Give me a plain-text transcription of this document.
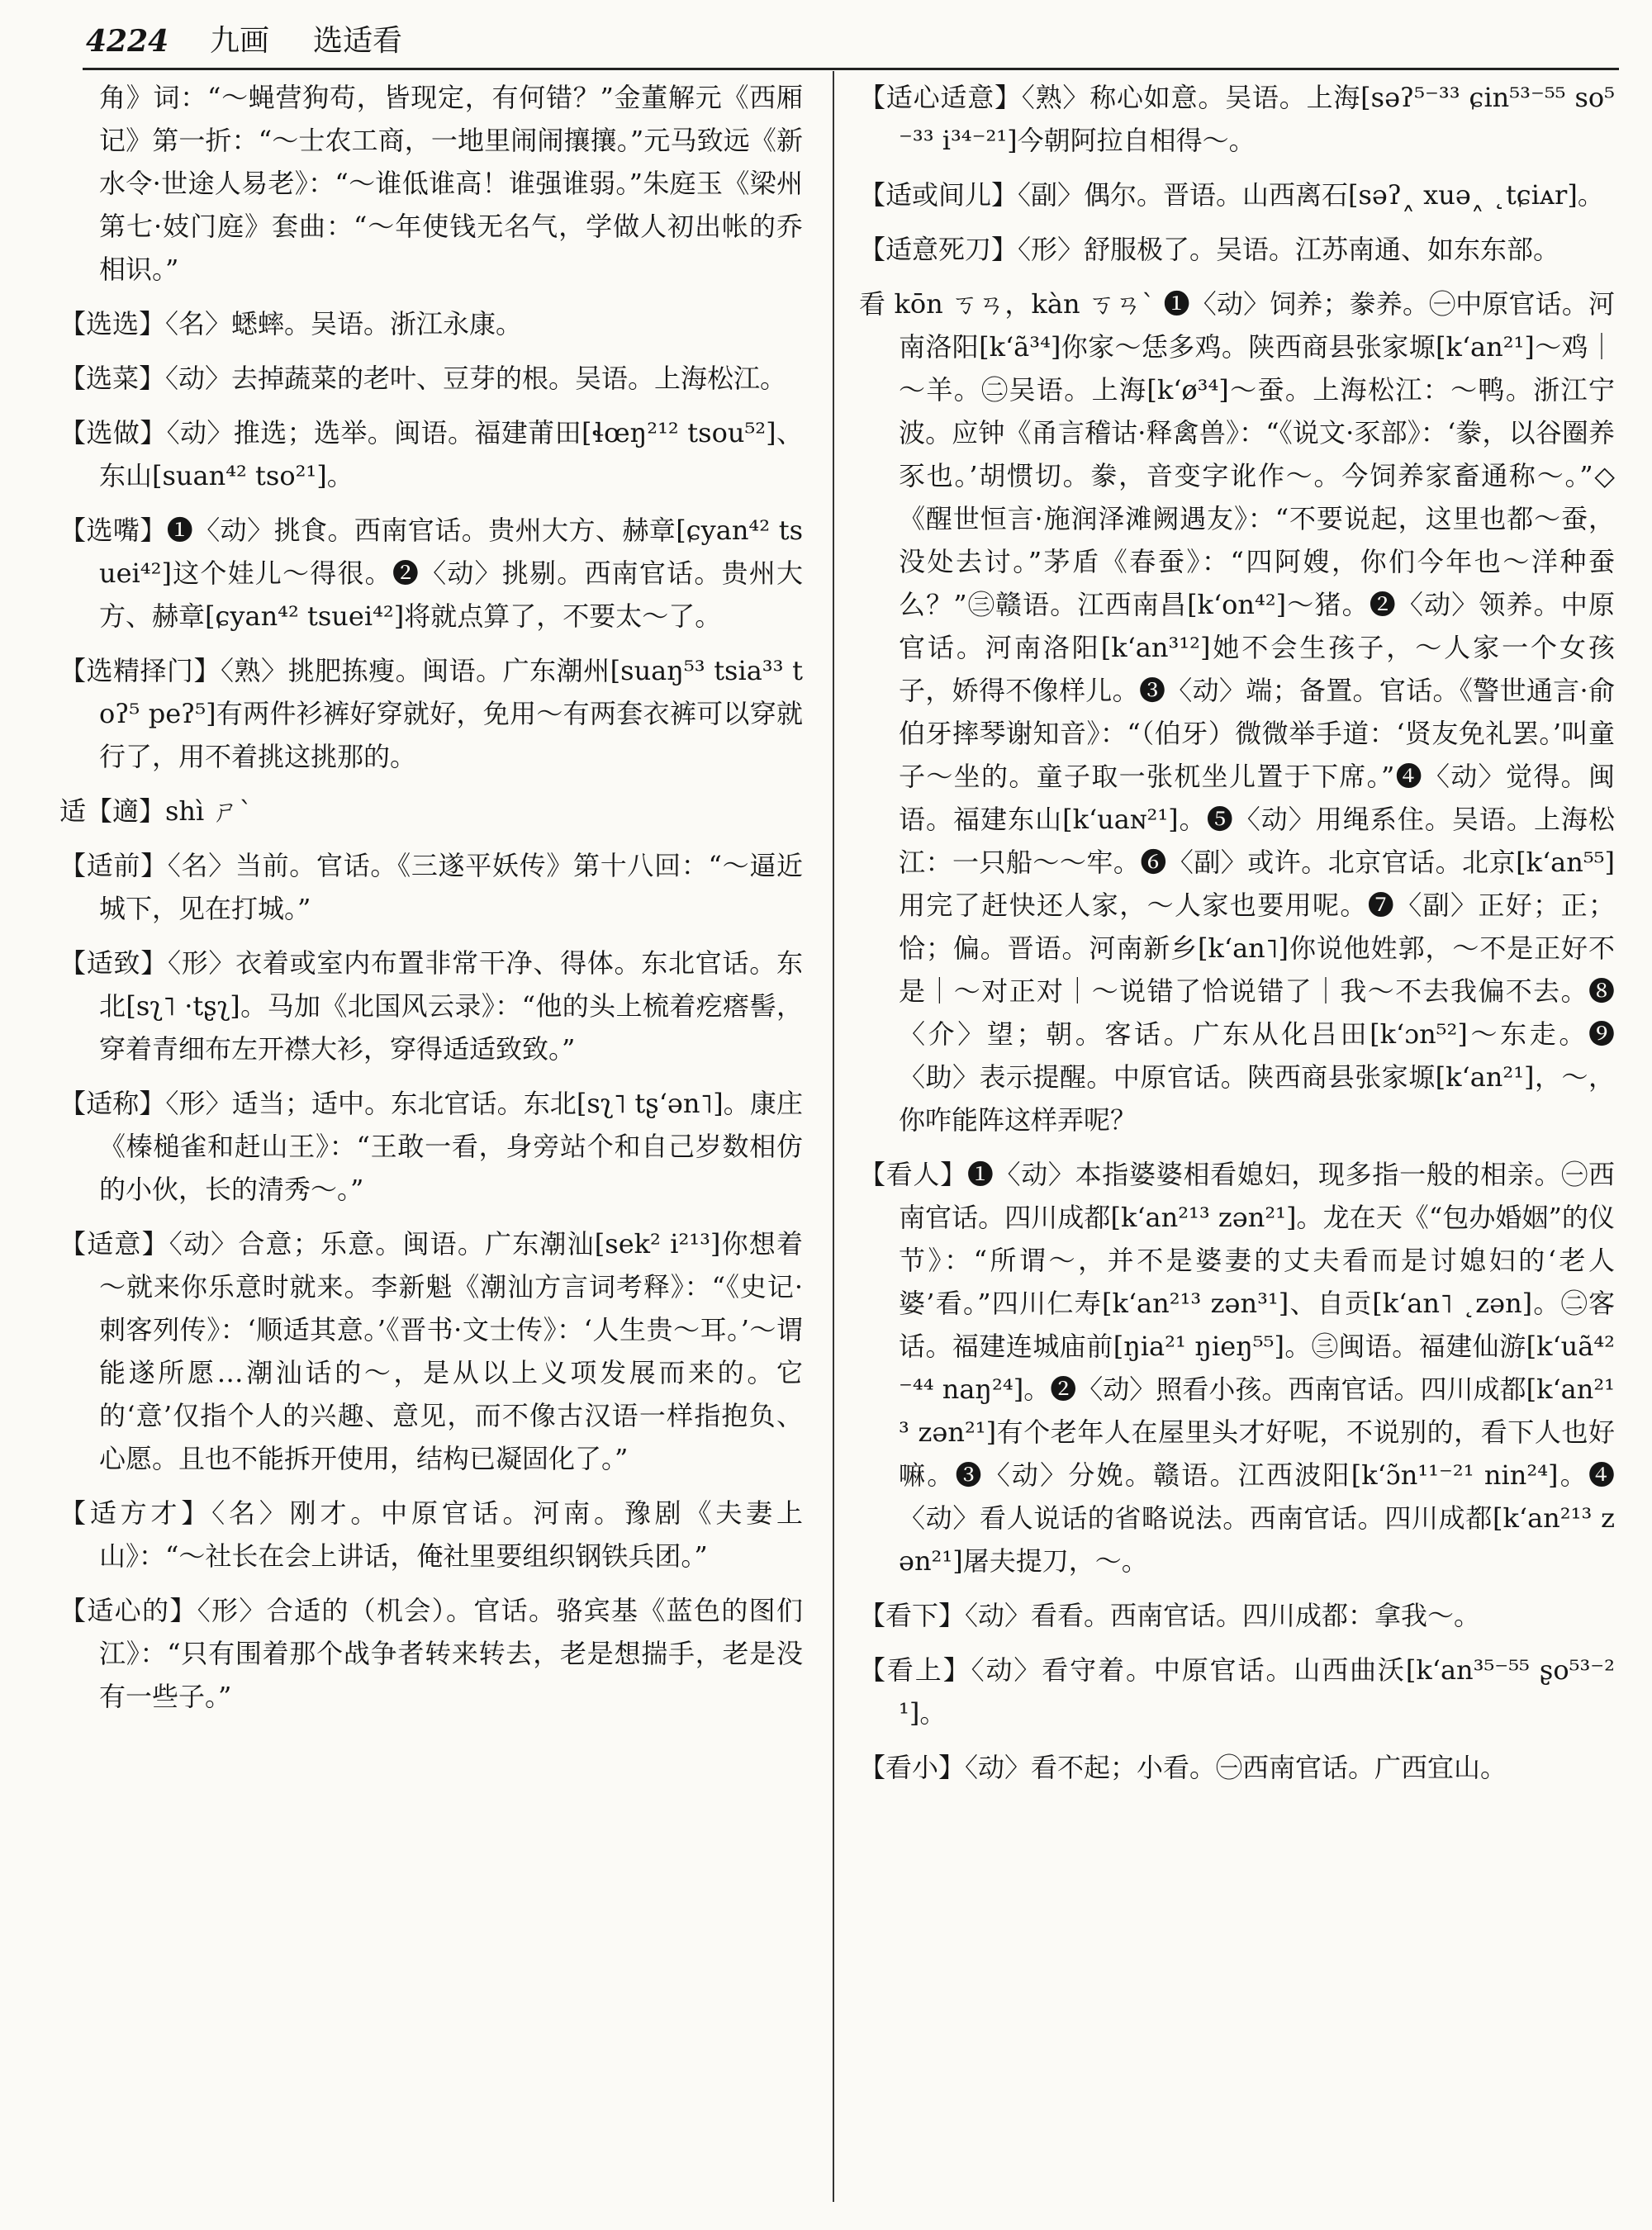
4224 九画 选适看

角》词：“～蝇营狗苟，皆现定，有何错？”金董解元《西厢记》第一折：“～士农工商，一地里闹闹攘攘。”元马致远《新水令·世途人易老》：“～谁低谁高！谁强谁弱。”朱庭玉《梁州第七·妓门庭》套曲：“～年使钱无名气，学做人初出帐的乔相识。”

【选选】〈名〉蟋蟀。吴语。浙江永康。

【选菜】〈动〉去掉蔬菜的老叶、豆芽的根。吴语。上海松江。

【选做】〈动〉推选；选举。闽语。福建莆田[ɬœŋ²¹² tsou⁵²]、东山[suan⁴² tso²¹]。

【选嘴】❶〈动〉挑食。西南官话。贵州大方、赫章[ɕyan⁴² tsuei⁴²]这个娃儿～得很。❷〈动〉挑剔。西南官话。贵州大方、赫章[ɕyan⁴² tsuei⁴²]将就点算了，不要太～了。

【选精择门】〈熟〉挑肥拣瘦。闽语。广东潮州[suaŋ⁵³ tsia³³ toʔ⁵ peʔ⁵]有两件衫裤好穿就好，免用～有两套衣裤可以穿就行了，用不着挑这挑那的。

适【適】shì ㄕˋ

【适前】〈名〉当前。官话。《三遂平妖传》第十八回：“～逼近城下，见在打城。”

【适致】〈形〉衣着或室内布置非常干净、得体。东北官话。东北[sʅ˥ ·tʂʅ]。马加《北国风云录》：“他的头上梳着疙瘩髻，穿着青细布左开襟大衫，穿得适适致致。”

【适称】〈形〉适当；适中。东北官话。东北[sʅ˥ tʂʻən˥]。康庄《榛槌雀和赶山王》：“王敢一看，身旁站个和自己岁数相仿的小伙，长的清秀～。”

【适意】〈动〉合意；乐意。闽语。广东潮汕[sek² i²¹³]你想着～就来你乐意时就来。李新魁《潮汕方言词考释》：“《史记·刺客列传》：‘顺适其意。’《晋书·文士传》：‘人生贵～耳。’～谓能遂所愿…潮汕话的～，是从以上义项发展而来的。它的‘意’仅指个人的兴趣、意见，而不像古汉语一样指抱负、心愿。且也不能拆开使用，结构已凝固化了。”

【适方才】〈名〉刚才。中原官话。河南。豫剧《夫妻上山》：“～社长在会上讲话，俺社里要组织钢铁兵团。”

【适心的】〈形〉合适的（机会）。官话。骆宾基《蓝色的图们江》：“只有围着那个战争者转来转去，老是想揣手，老是没有一些子。”

【适心适意】〈熟〉称心如意。吴语。上海[səʔ⁵⁻³³ ɕin⁵³⁻⁵⁵ so⁵⁻³³ i³⁴⁻²¹]今朝阿拉自相得～。

【适或间儿】〈副〉偶尔。晋语。山西离石[səʔ˰ xuə˰ ˛tɕiᴀr]。

【适意死刀】〈形〉舒服极了。吴语。江苏南通、如东东部。

看 kōn ㄎㄢ，kàn ㄎㄢˋ ❶〈动〉饲养；豢养。㊀中原官话。河南洛阳[kʻã³⁴]你家～恁多鸡。陕西商县张家塬[kʻan²¹]～鸡｜～羊。㊁吴语。上海[kʻø³⁴]～蚕。上海松江：～鸭。浙江宁波。应钟《甬言稽诂·释禽兽》：“《说文·豕部》：‘豢，以谷圈养豕也。’胡惯切。豢，音变字讹作～。今饲养家畜通称～。”◇《醒世恒言·施润泽滩阙遇友》：“不要说起，这里也都～蚕，没处去讨。”茅盾《春蚕》：“四阿嫂，你们今年也～洋种蚕么？”㊂赣语。江西南昌[kʻon⁴²]～猪。❷〈动〉领养。中原官话。河南洛阳[kʻan³¹²]她不会生孩子，～人家一个女孩子，娇得不像样儿。❸〈动〉端；备置。官话。《警世通言·俞伯牙摔琴谢知音》：“（伯牙）微微举手道：‘贤友免礼罢。’叫童子～坐的。童子取一张杌坐儿置于下席。”❹〈动〉觉得。闽语。福建东山[kʻuaɴ²¹]。❺〈动〉用绳系住。吴语。上海松江：一只船～～牢。❻〈副〉或许。北京官话。北京[kʻan⁵⁵]用完了赶快还人家，～人家也要用呢。❼〈副〉正好；正；恰；偏。晋语。河南新乡[kʻan˥]你说他姓郭，～不是正好不是｜～对正对｜～说错了恰说错了｜我～不去我偏不去。❽〈介〉望；朝。客话。广东从化吕田[kʻɔn⁵²]～东走。❾〈助〉表示提醒。中原官话。陕西商县张家塬[kʻan²¹]，～，你咋能阵这样弄呢？

【看人】❶〈动〉本指婆婆相看媳妇，现多指一般的相亲。㊀西南官话。四川成都[kʻan²¹³ zən²¹]。龙在天《“包办婚姻”的仪节》：“所谓～，并不是婆妻的丈夫看而是讨媳妇的‘老人婆’看。”四川仁寿[kʻan²¹³ zən³¹]、自贡[kʻan˥ ˛zən]。㊁客话。福建连城庙前[ŋia²¹ ŋieŋ⁵⁵]。㊂闽语。福建仙游[kʻuã⁴²⁻⁴⁴ naŋ²⁴]。❷〈动〉照看小孩。西南官话。四川成都[kʻan²¹³ zən²¹]有个老年人在屋里头才好呢，不说别的，看下人也好嘛。❸〈动〉分娩。赣语。江西波阳[kʻɔ̃n¹¹⁻²¹ nin²⁴]。❹〈动〉看人说话的省略说法。西南官话。四川成都[kʻan²¹³ zən²¹]屠夫提刀，～。

【看下】〈动〉看看。西南官话。四川成都：拿我～。

【看上】〈动〉看守着。中原官话。山西曲沃[kʻan³⁵⁻⁵⁵ ʂo⁵³⁻²¹]。

【看小】〈动〉看不起；小看。㊀西南官话。广西宜山。
